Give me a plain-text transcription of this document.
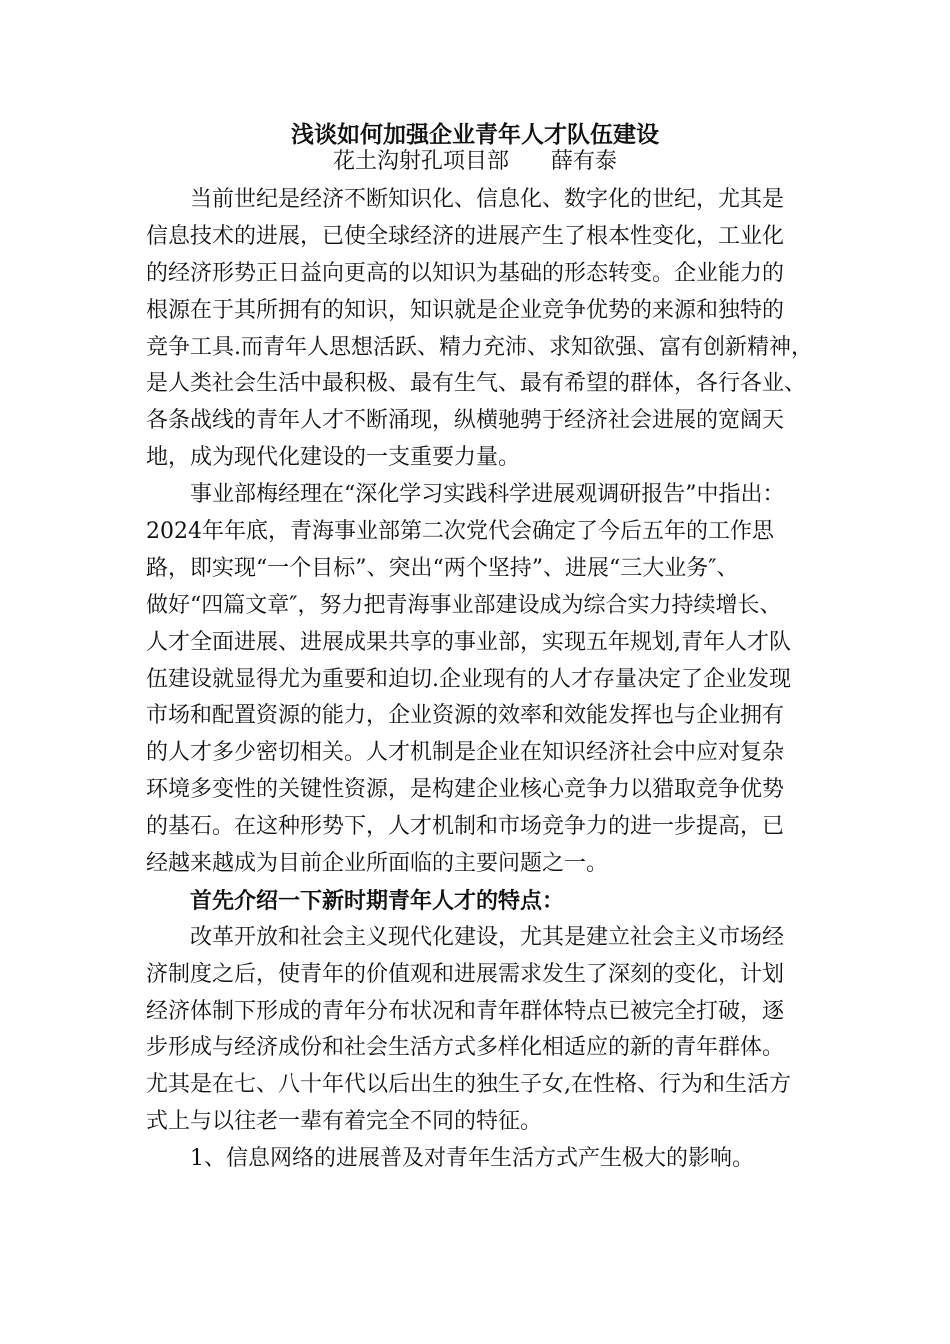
浅谈如何加强企业青年人才队伍建设
花土沟射孔项目部      薛有泰
当前世纪是经济不断知识化、信息化、数字化的世纪，尤其是
信息技术的进展，已使全球经济的进展产生了根本性变化，工业化
的经济形势正日益向更高的以知识为基础的形态转变。企业能力的
根源在于其所拥有的知识，知识就是企业竞争优势的来源和独特的
竞争工具.而青年人思想活跃、精力充沛、求知欲强、富有创新精神，
是人类社会生活中最积极、最有生气、最有希望的群体，各行各业、
各条战线的青年人才不断涌现，纵横驰骋于经济社会进展的宽阔天
地，成为现代化建设的一支重要力量。
事业部梅经理在“深化学习实践科学进展观调研报告”中指出：
2024年年底，青海事业部第二次党代会确定了今后五年的工作思
路，即实现“一个目标”、突出“两个坚持”、进展“三大业务″、
做好“四篇文章″，努力把青海事业部建设成为综合实力持续增长、
人才全面进展、进展成果共享的事业部，实现五年规划,青年人才队
伍建设就显得尤为重要和迫切.企业现有的人才存量决定了企业发现
市场和配置资源的能力，企业资源的效率和效能发挥也与企业拥有
的人才多少密切相关。人才机制是企业在知识经济社会中应对复杂
环境多变性的关键性资源，是构建企业核心竞争力以猎取竞争优势
的基石。在这种形势下，人才机制和市场竞争力的进一步提高，已
经越来越成为目前企业所面临的主要问题之一。
首先介绍一下新时期青年人才的特点：
改革开放和社会主义现代化建设，尤其是建立社会主义市场经
济制度之后，使青年的价值观和进展需求发生了深刻的变化，计划
经济体制下形成的青年分布状况和青年群体特点已被完全打破，逐
步形成与经济成份和社会生活方式多样化相适应的新的青年群体。
尤其是在七、八十年代以后出生的独生子女,在性格、行为和生活方
式上与以往老一辈有着完全不同的特征。
1、信息网络的进展普及对青年生活方式产生极大的影响。
